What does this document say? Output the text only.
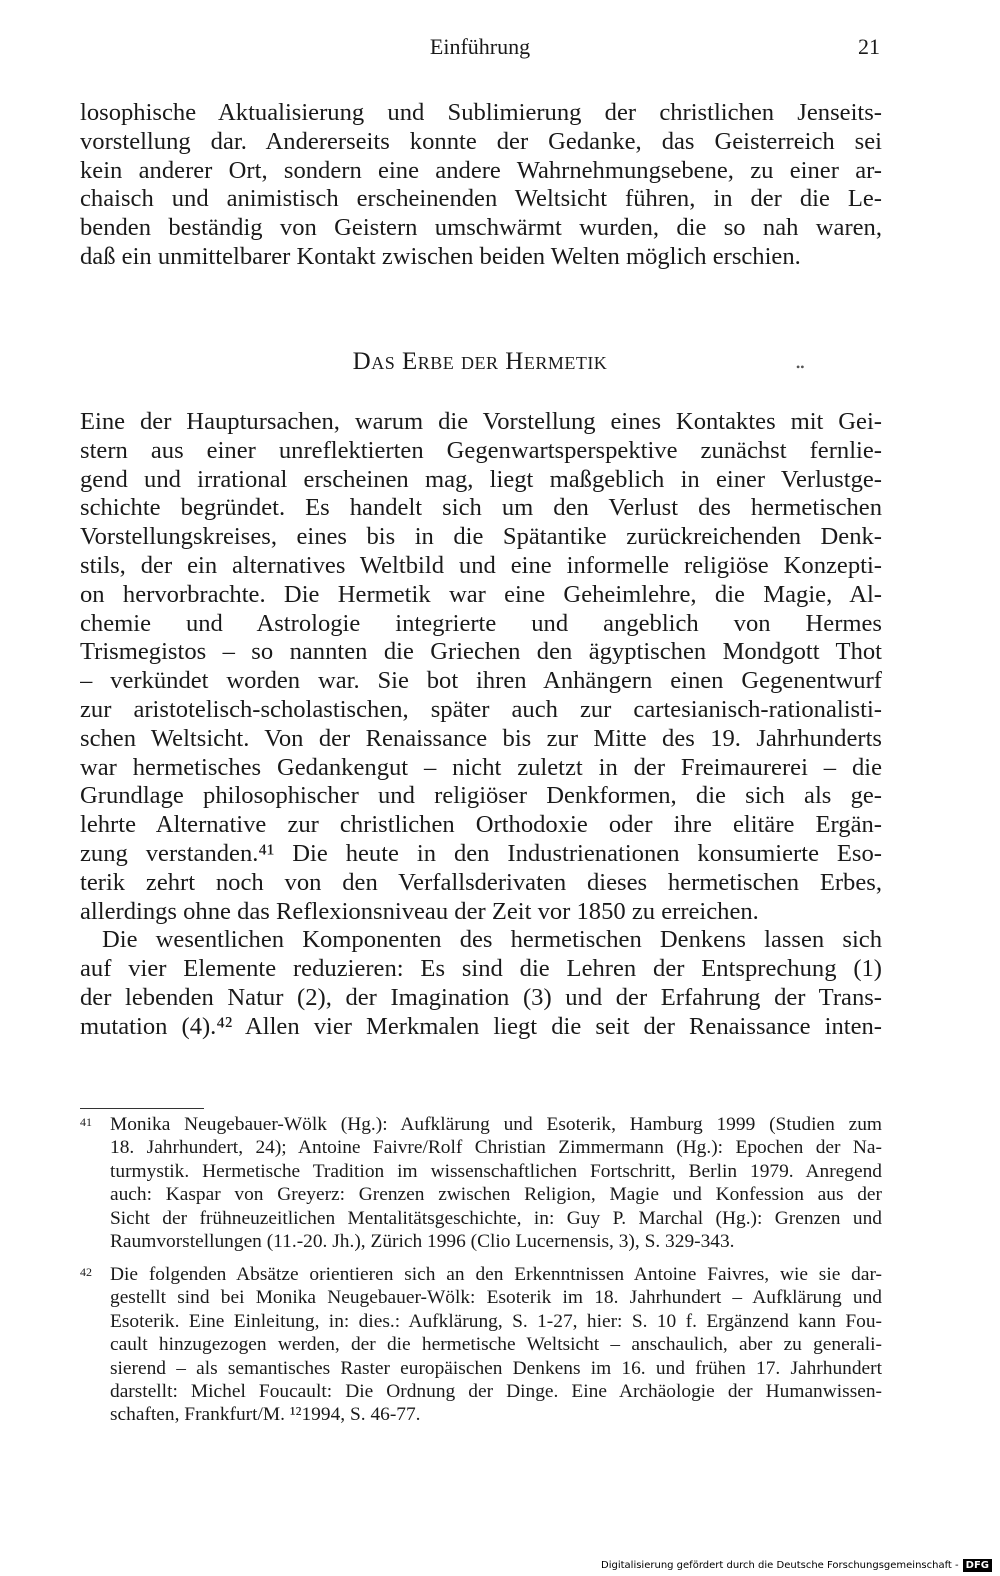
Einführung	21
losophische Aktualisierung und Sublimierung der christlichen Jenseits-
vorstellung dar. Andererseits konnte der Gedanke, das Geisterreich sei
kein anderer Ort, sondern eine andere Wahrnehmungsebene, zu einer ar-
chaisch und animistisch erscheinenden Weltsicht führen, in der die Le-
benden beständig von Geistern umschwärmt wurden, die so nah waren,
daß ein unmittelbarer Kontakt zwischen beiden Welten möglich erschien.
Das Erbe der Hermetik	••
Eine der Hauptursachen, warum die Vorstellung eines Kontaktes mit Gei-
stern aus einer unreflektierten Gegenwartsperspektive zunächst fernlie-
gend und irrational erscheinen mag, liegt maßgeblich in einer Verlustge-
schichte begründet. Es handelt sich um den Verlust des hermetischen
Vorstellungskreises, eines bis in die Spätantike zurückreichenden Denk-
stils, der ein alternatives Weltbild und eine informelle religiöse Konzepti-
on hervorbrachte. Die Hermetik war eine Geheimlehre, die Magie, Al-
chemie und Astrologie integrierte und angeblich von Hermes
Trismegistos – so nannten die Griechen den ägyptischen Mondgott Thot
– verkündet worden war. Sie bot ihren Anhängern einen Gegenentwurf
zur aristotelisch-scholastischen, später auch zur cartesianisch-rationalisti-
schen Weltsicht. Von der Renaissance bis zur Mitte des 19. Jahrhunderts
war hermetisches Gedankengut – nicht zuletzt in der Freimaurerei – die
Grundlage philosophischer und religiöser Denkformen, die sich als ge-
lehrte Alternative zur christlichen Orthodoxie oder ihre elitäre Ergän-
zung verstanden.⁴¹ Die heute in den Industrienationen konsumierte Eso-
terik zehrt noch von den Verfallsderivaten dieses hermetischen Erbes,
allerdings ohne das Reflexionsniveau der Zeit vor 1850 zu erreichen.
Die wesentlichen Komponenten des hermetischen Denkens lassen sich
auf vier Elemente reduzieren: Es sind die Lehren der Entsprechung (1)
der lebenden Natur (2), der Imagination (3) und der Erfahrung der Trans-
mutation (4).⁴² Allen vier Merkmalen liegt die seit der Renaissance inten-
41 Monika Neugebauer-Wölk (Hg.): Aufklärung und Esoterik, Hamburg 1999 (Studien zum
18. Jahrhundert, 24); Antoine Faivre/Rolf Christian Zimmermann (Hg.): Epochen der Na-
turmystik. Hermetische Tradition im wissenschaftlichen Fortschritt, Berlin 1979. Anregend
auch: Kaspar von Greyerz: Grenzen zwischen Religion, Magie und Konfession aus der
Sicht der frühneuzeitlichen Mentalitätsgeschichte, in: Guy P. Marchal (Hg.): Grenzen und
Raumvorstellungen (11.-20. Jh.), Zürich 1996 (Clio Lucernensis, 3), S. 329-343.
42 Die folgenden Absätze orientieren sich an den Erkenntnissen Antoine Faivres, wie sie dar-
gestellt sind bei Monika Neugebauer-Wölk: Esoterik im 18. Jahrhundert – Aufklärung und
Esoterik. Eine Einleitung, in: dies.: Aufklärung, S. 1-27, hier: S. 10 f. Ergänzend kann Fou-
cault hinzugezogen werden, der die hermetische Weltsicht – anschaulich, aber zu generali-
sierend – als semantisches Raster europäischen Denkens im 16. und frühen 17. Jahrhundert
darstellt: Michel Foucault: Die Ordnung der Dinge. Eine Archäologie der Humanwissen-
schaften, Frankfurt/M. ¹²1994, S. 46-77.
Digitalisierung gefördert durch die Deutsche Forschungsgemeinschaft - DFG
